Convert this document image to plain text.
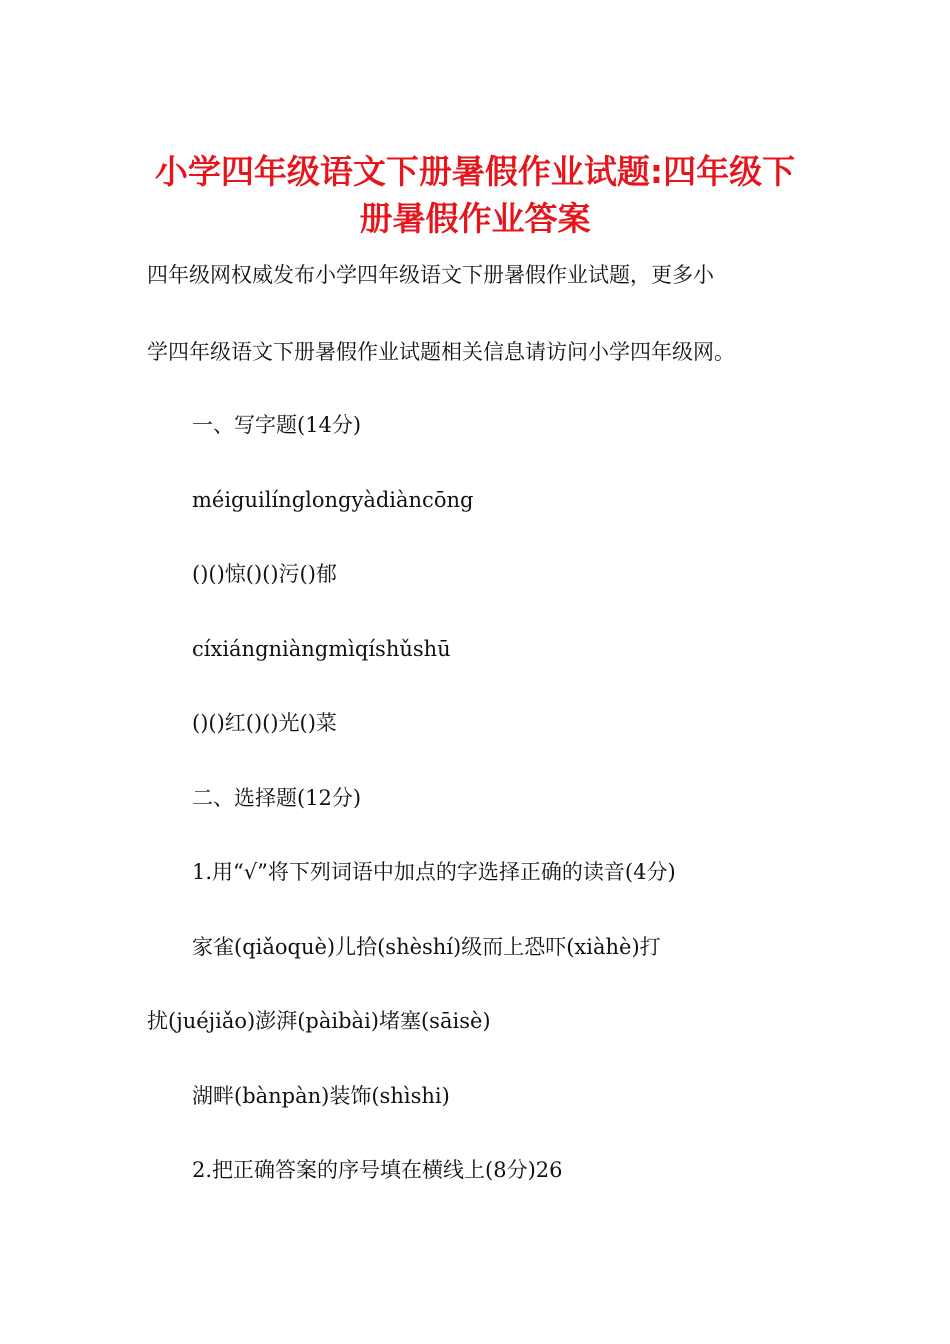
小学四年级语文下册暑假作业试题:四年级下
册暑假作业答案

四年级网权威发布小学四年级语文下册暑假作业试题，更多小

学四年级语文下册暑假作业试题相关信息请访问小学四年级网。

一、写字题(14分)

méiguilínglongyàdiàncōng

()()惊()()污()郁

cíxiángniàngmìqíshǔshū

()()红()()光()菜

二、选择题(12分)

1.用“√”将下列词语中加点的字选择正确的读音(4分)

家雀(qiǎoquè)儿拾(shèshí)级而上恐吓(xiàhè)打

扰(juéjiǎo)澎湃(pàibài)堵塞(sāisè)

湖畔(bànpàn)装饰(shìshi)

2.把正确答案的序号填在横线上(8分)26
